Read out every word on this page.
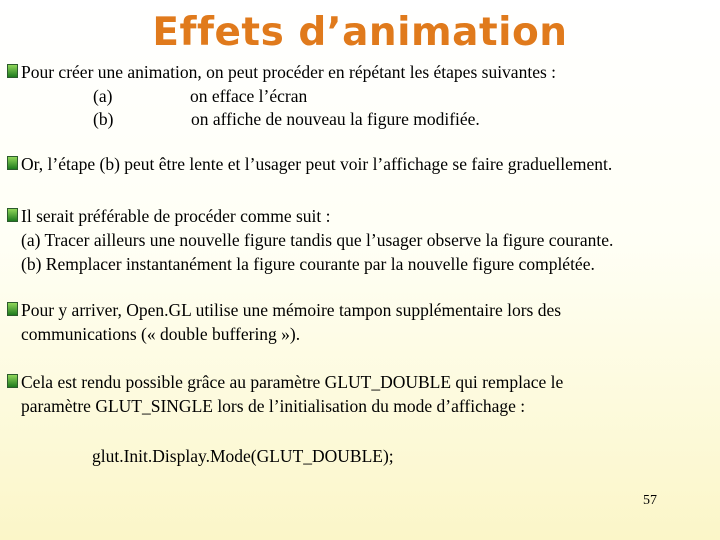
Effets d’animation
Pour créer une animation, on peut procéder en répétant les étapes suivantes :
(a)	on efface l’écran
(b)	on affiche de nouveau la figure modifiée.
Or, l’étape (b) peut être lente et l’usager peut voir l’affichage se faire graduellement.
Il serait préférable de procéder comme suit :
(a) Tracer ailleurs une nouvelle figure tandis que l’usager observe la figure courante.
(b) Remplacer instantanément la figure courante par la nouvelle figure complétée.
Pour y arriver, Open.GL utilise une mémoire tampon supplémentaire lors des
communications (« double buffering »).
Cela est rendu possible grâce au paramètre GLUT_DOUBLE qui remplace le
paramètre GLUT_SINGLE lors de l’initialisation du mode d’affichage :
glut.Init.Display.Mode(GLUT_DOUBLE);
57
